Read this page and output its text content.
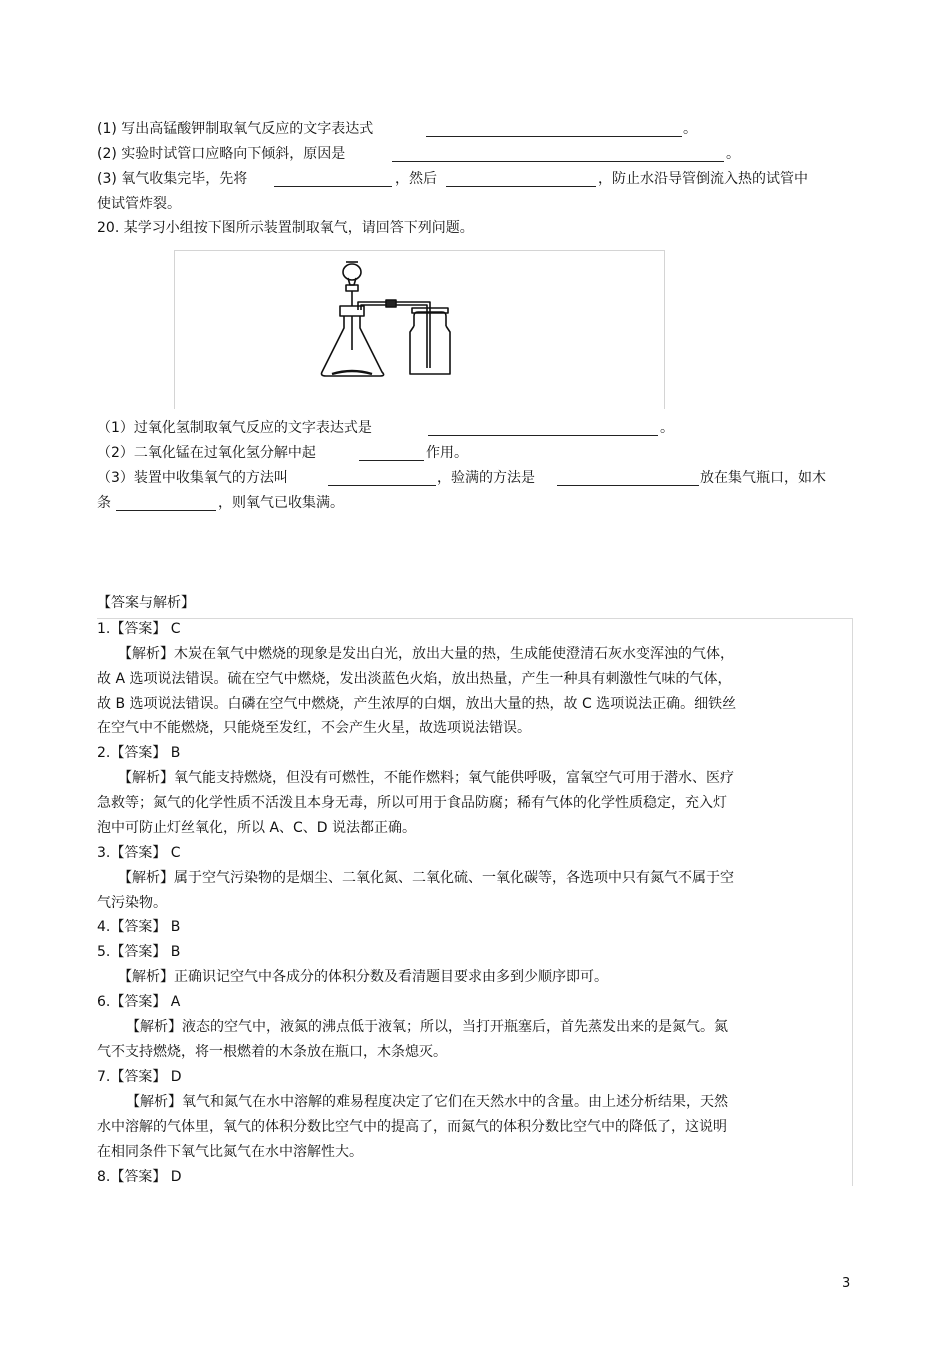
(1) 写出高锰酸钾制取氧气反应的文字表达式	。
(2) 实验时试管口应略向下倾斜，原因是	。
(3) 氧气收集完毕，先将	，然后	，防止水沿导管倒流入热的试管中
使试管炸裂。
20. 某学习小组按下图所示装置制取氧气，请回答下列问题。
（1）过氧化氢制取氧气反应的文字表达式是	。
（2）二氧化锰在过氧化氢分解中起	作用。
（3）装置中收集氧气的方法叫	，验满的方法是	放在集气瓶口，如木
条	，则氧气已收集满。
【答案与解析】
1.【答案】 C
【解析】木炭在氧气中燃烧的现象是发出白光，放出大量的热，生成能使澄清石灰水变浑浊的气体，
故 A 选项说法错误。硫在空气中燃烧，发出淡蓝色火焰，放出热量，产生一种具有刺激性气味的气体，
故 B 选项说法错误。白磷在空气中燃烧，产生浓厚的白烟，放出大量的热，故 C 选项说法正确。细铁丝
在空气中不能燃烧，只能烧至发红，不会产生火星，故选项说法错误。
2.【答案】 B
【解析】氧气能支持燃烧，但没有可燃性，不能作燃料；氧气能供呼吸，富氧空气可用于潜水、医疗
急救等；氮气的化学性质不活泼且本身无毒，所以可用于食品防腐；稀有气体的化学性质稳定，充入灯
泡中可防止灯丝氧化，所以 A、C、D 说法都正确。
3.【答案】 C
【解析】属于空气污染物的是烟尘、二氧化氮、二氧化硫、一氧化碳等，各选项中只有氮气不属于空
气污染物。
4.【答案】 B
5.【答案】 B
【解析】正确识记空气中各成分的体积分数及看清题目要求由多到少顺序即可。
6.【答案】 A
【解析】液态的空气中，液氮的沸点低于液氧；所以，当打开瓶塞后，首先蒸发出来的是氮气。氮
气不支持燃烧，将一根燃着的木条放在瓶口，木条熄灭。
7.【答案】 D
【解析】氧气和氮气在水中溶解的难易程度决定了它们在天然水中的含量。由上述分析结果，天然
水中溶解的气体里，氧气的体积分数比空气中的提高了，而氮气的体积分数比空气中的降低了，这说明
在相同条件下氧气比氮气在水中溶解性大。
8.【答案】 D
3
